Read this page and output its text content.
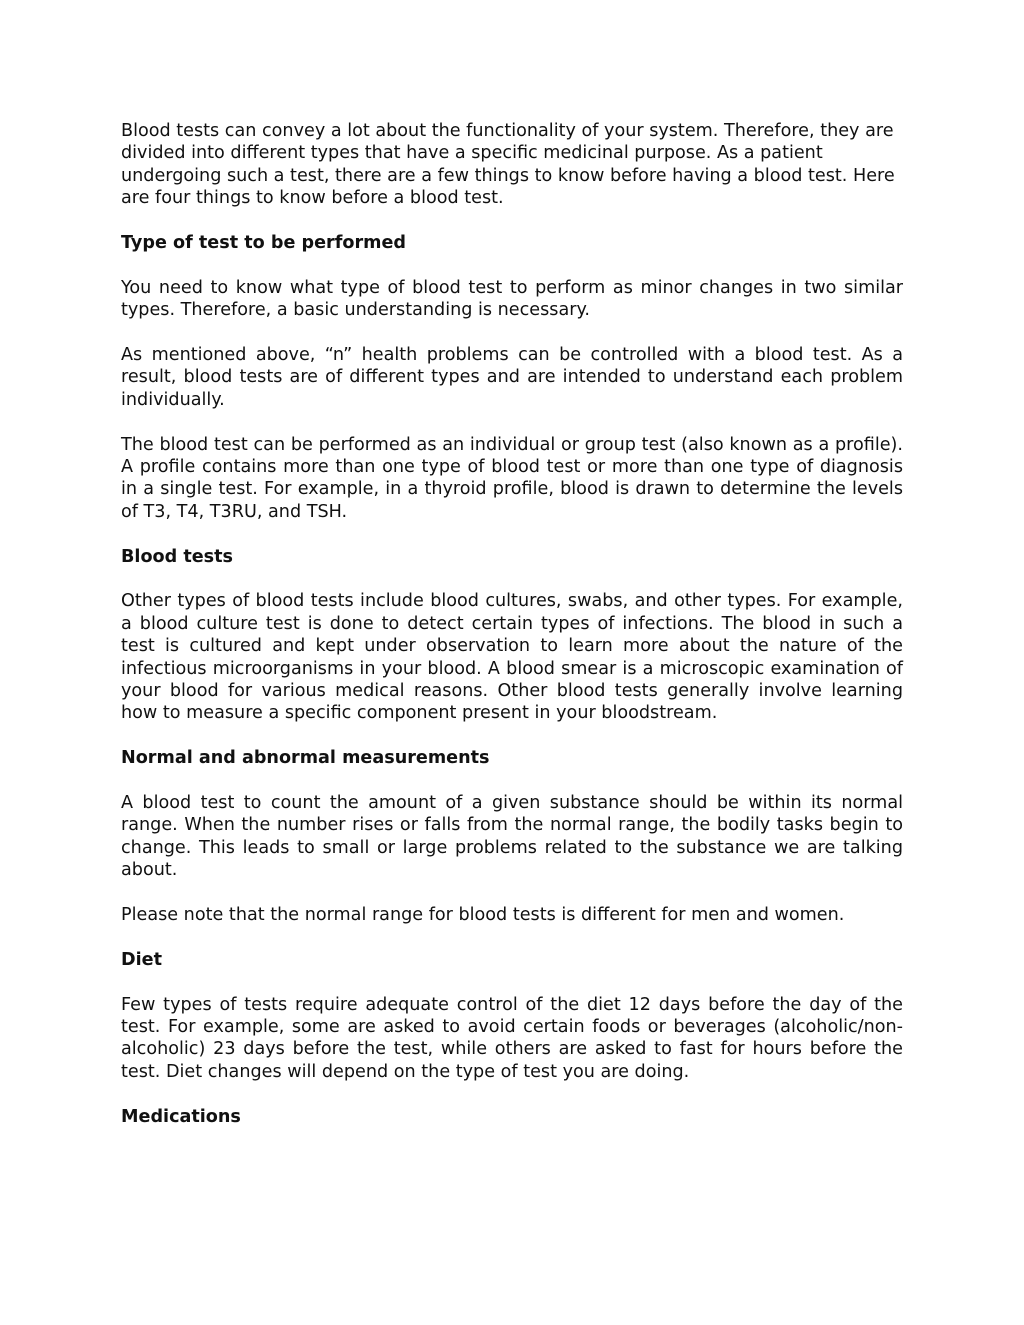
Blood tests can convey a lot about the functionality of your system. Therefore, they are divided into different types that have a specific medicinal purpose. As a patient undergoing such a test, there are a few things to know before having a blood test. Here are four things to know before a blood test.

Type of test to be performed

You need to know what type of blood test to perform as minor changes in two similar types. Therefore, a basic understanding is necessary.

As mentioned above, “n” health problems can be controlled with a blood test. As a result, blood tests are of different types and are intended to understand each problem individually.

The blood test can be performed as an individual or group test (also known as a profile). A profile contains more than one type of blood test or more than one type of diagnosis in a single test. For example, in a thyroid profile, blood is drawn to determine the levels of T3, T4, T3RU, and TSH.

Blood tests

Other types of blood tests include blood cultures, swabs, and other types. For example, a blood culture test is done to detect certain types of infections. The blood in such a test is cultured and kept under observation to learn more about the nature of the infectious microorganisms in your blood. A blood smear is a microscopic examination of your blood for various medical reasons. Other blood tests generally involve learning how to measure a specific component present in your bloodstream.

Normal and abnormal measurements

A blood test to count the amount of a given substance should be within its normal range. When the number rises or falls from the normal range, the bodily tasks begin to change. This leads to small or large problems related to the substance we are talking about.

Please note that the normal range for blood tests is different for men and women.

Diet

Few types of tests require adequate control of the diet 12 days before the day of the test. For example, some are asked to avoid certain foods or beverages (alcoholic/non-alcoholic) 23 days before the test, while others are asked to fast for hours before the test. Diet changes will depend on the type of test you are doing.

Medications
